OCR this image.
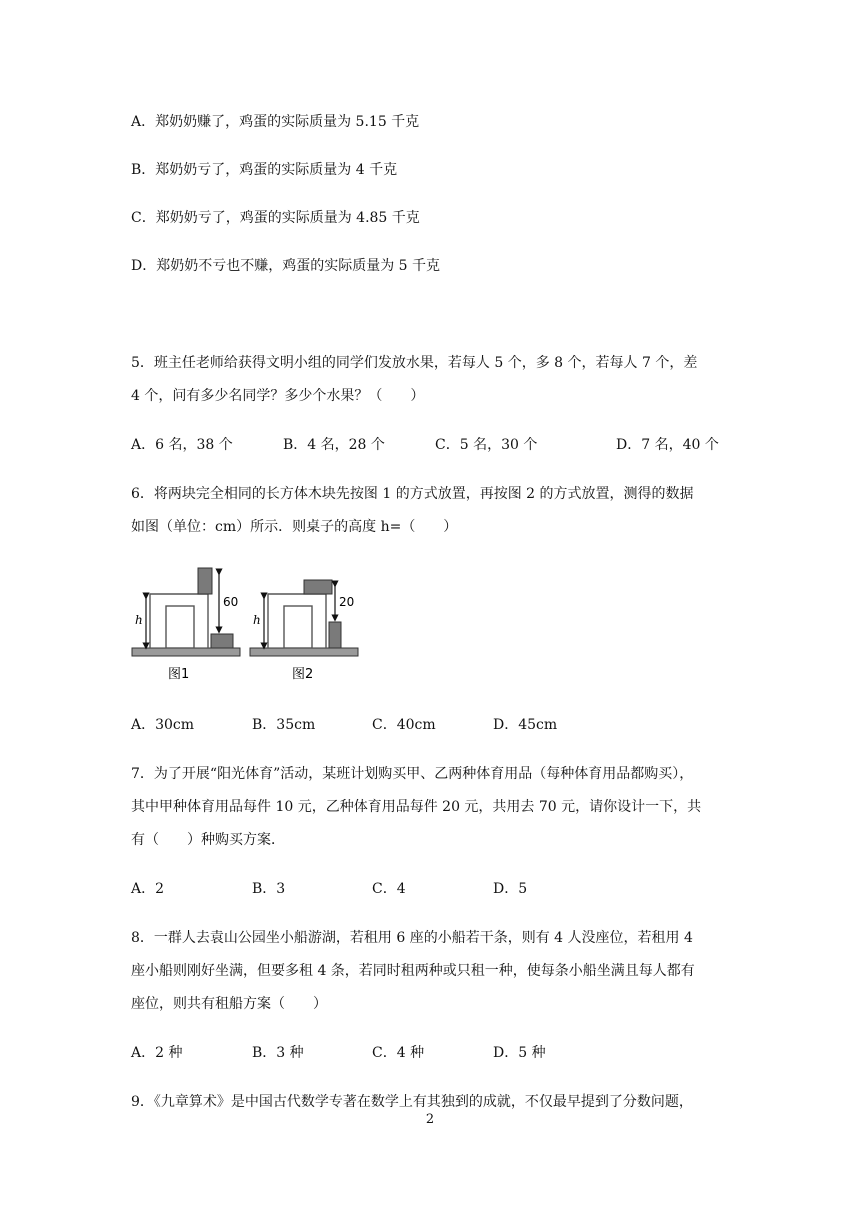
A．郑奶奶赚了，鸡蛋的实际质量为 5.15 千克
B．郑奶奶亏了，鸡蛋的实际质量为 4 千克
C．郑奶奶亏了，鸡蛋的实际质量为 4.85 千克
D．郑奶奶不亏也不赚，鸡蛋的实际质量为 5 千克
5．班主任老师给获得文明小组的同学们发放水果，若每人 5 个，多 8 个，若每人 7 个，差
4 个，问有多少名同学？多少个水果？（　　）
A．6 名，38 个	B．4 名，28 个	C．5 名，30 个	D．7 名，40 个
6．将两块完全相同的长方体木块先按图 1 的方式放置，再按图 2 的方式放置，测得的数据
如图（单位：cm）所示．则桌子的高度 h=（　　）
60
h
图1
20
h
图2
A．30cm	B．35cm	C．40cm	D．45cm
7．为了开展“阳光体育”活动，某班计划购买甲、乙两种体育用品（每种体育用品都购买），
其中甲种体育用品每件 10 元，乙种体育用品每件 20 元，共用去 70 元，请你设计一下，共
有（　　）种购买方案．
A．2	B．3	C．4	D．5
8．一群人去袁山公园坐小船游湖，若租用 6 座的小船若干条，则有 4 人没座位，若租用 4
座小船则刚好坐满，但要多租 4 条，若同时租两种或只租一种，使每条小船坐满且每人都有
座位，则共有租船方案（　　）
A．2 种	B．3 种	C．4 种	D．5 种
9．《九章算术》是中国古代数学专著在数学上有其独到的成就，不仅最早提到了分数问题，
2
